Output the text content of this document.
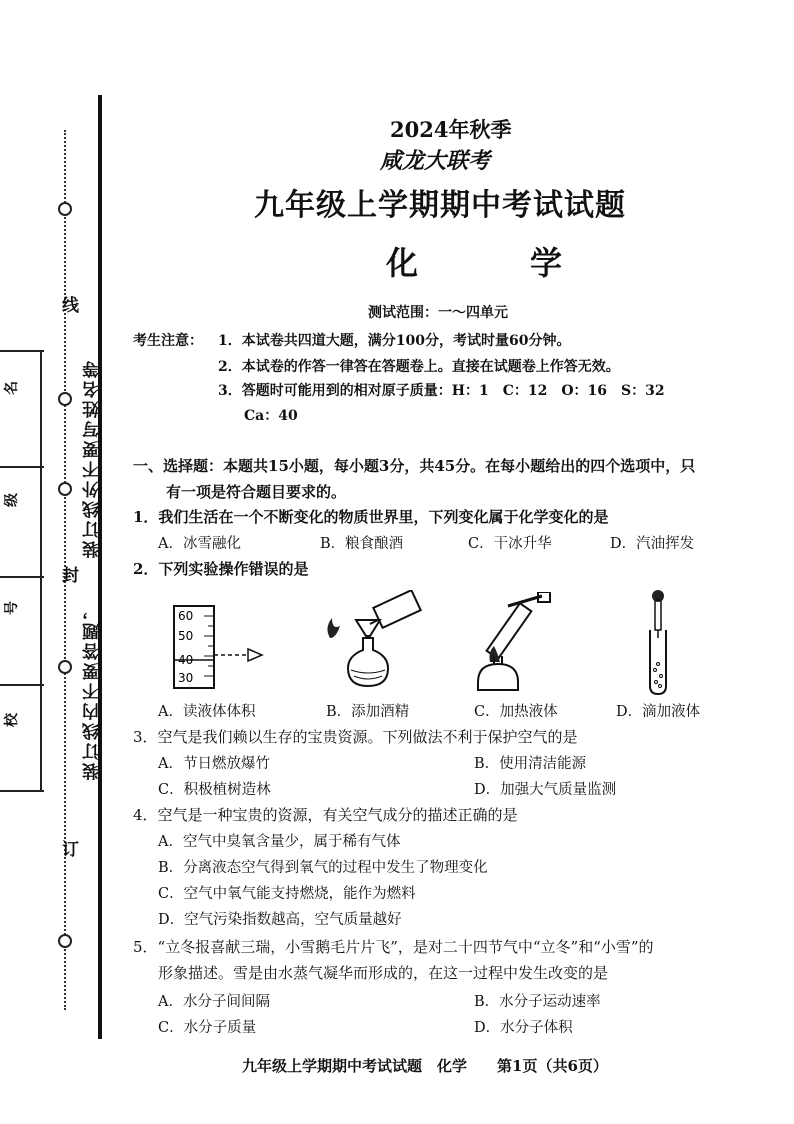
线
封
订
装订线外不要写姓名等
装订线内不要答题，
名
级
号
校
2024年秋季
咸龙大联考
九年级上学期期中考试试题
化　学
测试范围：一～四单元
考生注意： 1．本试卷共四道大题，满分100分，考试时量60分钟。
2．本试卷的作答一律答在答题卷上。直接在试题卷上作答无效。
3．答题时可能用到的相对原子质量：H：1　C：12　O：16　S：32
Ca：40
一、选择题：本题共15小题，每小题3分，共45分。在每小题给出的四个选项中，只
有一项是符合题目要求的。
1．我们生活在一个不断变化的物质世界里，下列变化属于化学变化的是
A．冰雪融化	B．粮食酿酒	C．干冰升华	D．汽油挥发
2．下列实验操作错误的是
60
50
40
30
A．读液体体积	B．添加酒精	C．加热液体	D．滴加液体
3．空气是我们赖以生存的宝贵资源。下列做法不利于保护空气的是
A．节日燃放爆竹	B．使用清洁能源
C．积极植树造林	D．加强大气质量监测
4．空气是一种宝贵的资源，有关空气成分的描述正确的是
A．空气中臭氧含量少，属于稀有气体
B．分离液态空气得到氧气的过程中发生了物理变化
C．空气中氧气能支持燃烧，能作为燃料
D．空气污染指数越高，空气质量越好
5．“立冬报喜献三瑞，小雪鹅毛片片飞”，是对二十四节气中“立冬”和“小雪”的
形象描述。雪是由水蒸气凝华而形成的，在这一过程中发生改变的是
A．水分子间间隔	B．水分子运动速率
C．水分子质量	D．水分子体积
九年级上学期期中考试试题　化学　　第1页（共6页）
